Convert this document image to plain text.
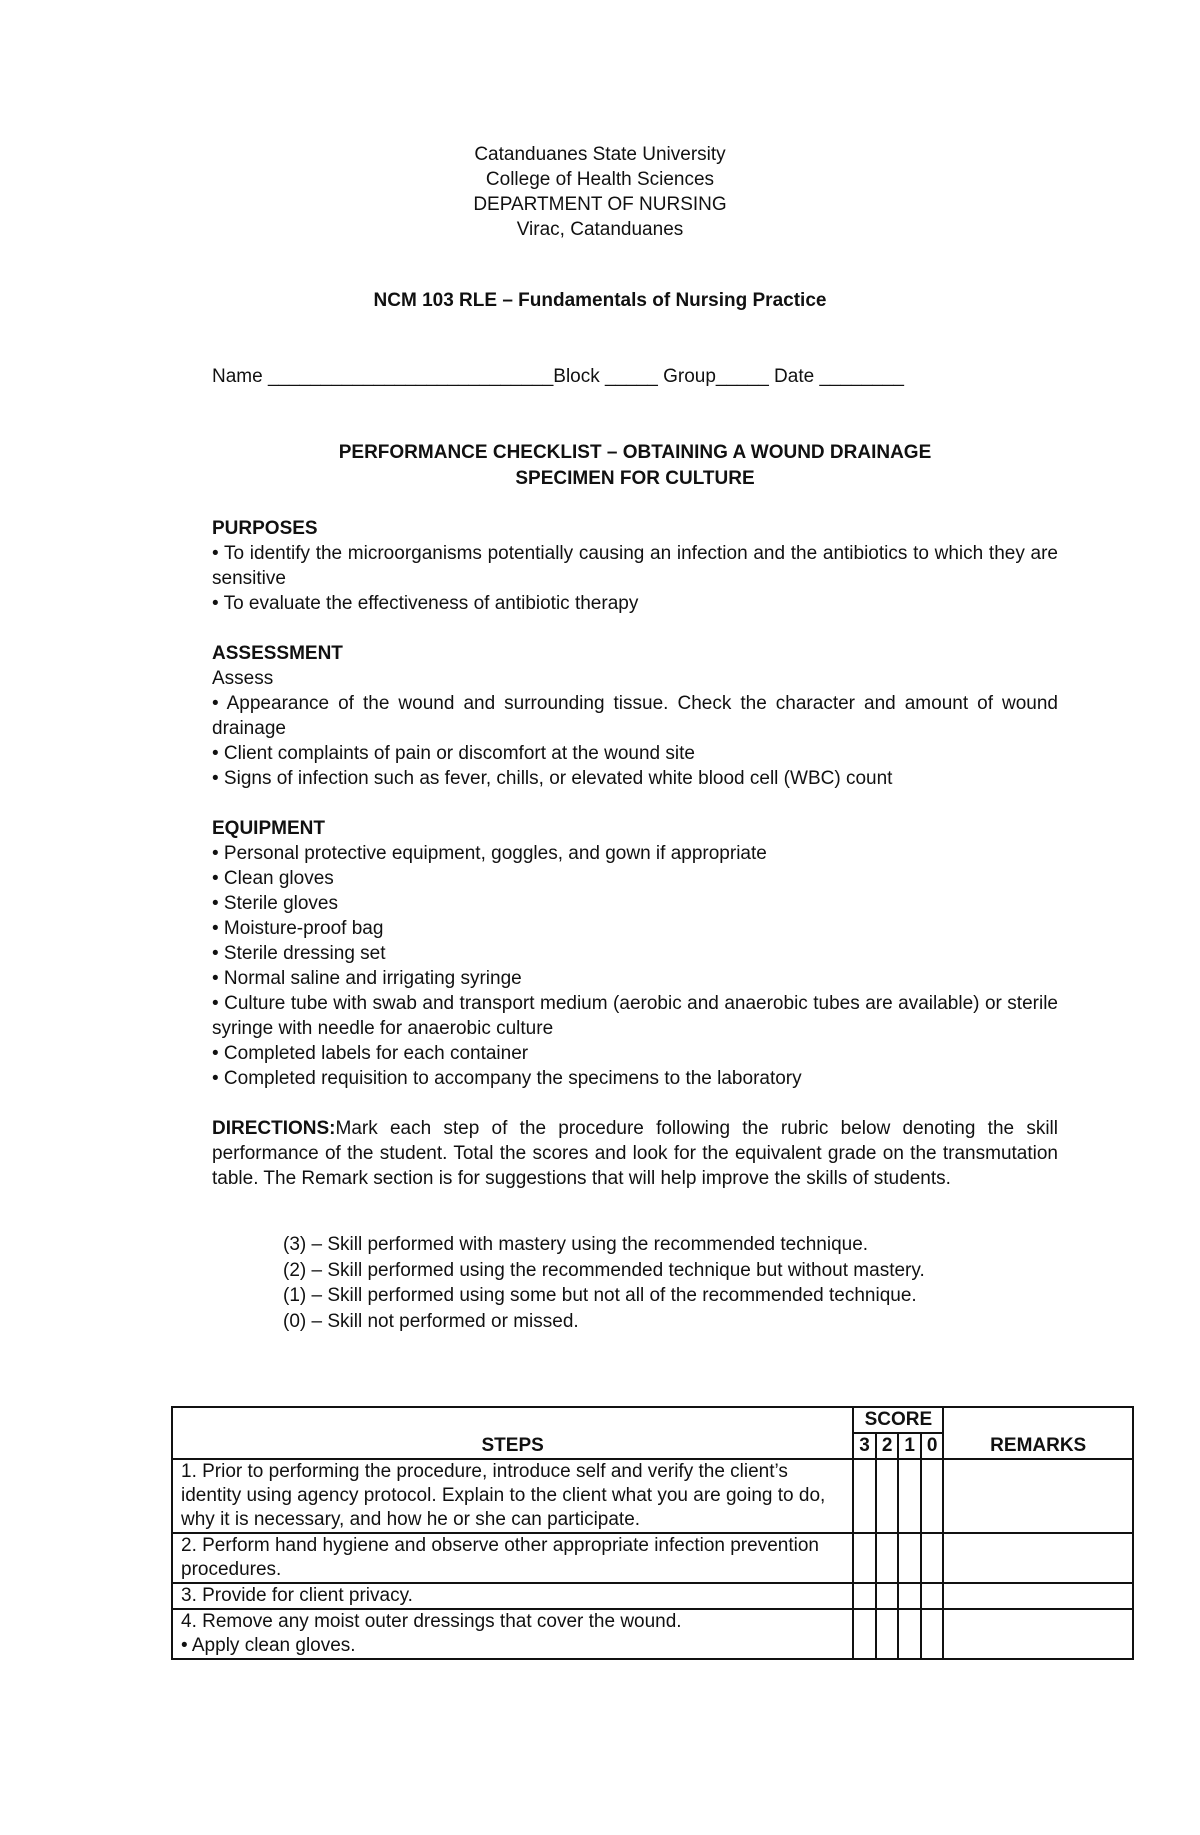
Catanduanes State University
College of Health Sciences
DEPARTMENT OF NURSING
Virac, Catanduanes
NCM 103 RLE – Fundamentals of Nursing Practice
Name ___________________________Block _____ Group_____ Date ________
PERFORMANCE CHECKLIST – OBTAINING A WOUND DRAINAGE
SPECIMEN FOR CULTURE
PURPOSES
• To identify the microorganisms potentially causing an infection and the antibiotics to which they are sensitive
• To evaluate the effectiveness of antibiotic therapy
ASSESSMENT
Assess
• Appearance of the wound and surrounding tissue. Check the character and amount of wound drainage
• Client complaints of pain or discomfort at the wound site
• Signs of infection such as fever, chills, or elevated white blood cell (WBC) count
EQUIPMENT
• Personal protective equipment, goggles, and gown if appropriate
• Clean gloves
• Sterile gloves
• Moisture-proof bag
• Sterile dressing set
• Normal saline and irrigating syringe
• Culture tube with swab and transport medium (aerobic and anaerobic tubes are available) or sterile syringe with needle for anaerobic culture
• Completed labels for each container
• Completed requisition to accompany the specimens to the laboratory
DIRECTIONS:Mark each step of the procedure following the rubric below denoting the skill performance of the student. Total the scores and look for the equivalent grade on the transmutation table. The Remark section is for suggestions that will help improve the skills of students.
(3) – Skill performed with mastery using the recommended technique.
(2) – Skill performed using the recommended technique but without mastery.
(1) – Skill performed using some but not all of the recommended technique.
(0) – Skill not performed or missed.
STEPS	SCORE				REMARKS
	3	2	1	0	
1. Prior to performing the procedure, introduce self and verify the client’s identity using agency protocol. Explain to the client what you are going to do, why it is necessary, and how he or she can participate.					
2. Perform hand hygiene and observe other appropriate infection prevention procedures.					
3. Provide for client privacy.					

4. Remove any moist outer dressings that cover the wound.
• Apply clean gloves.					
